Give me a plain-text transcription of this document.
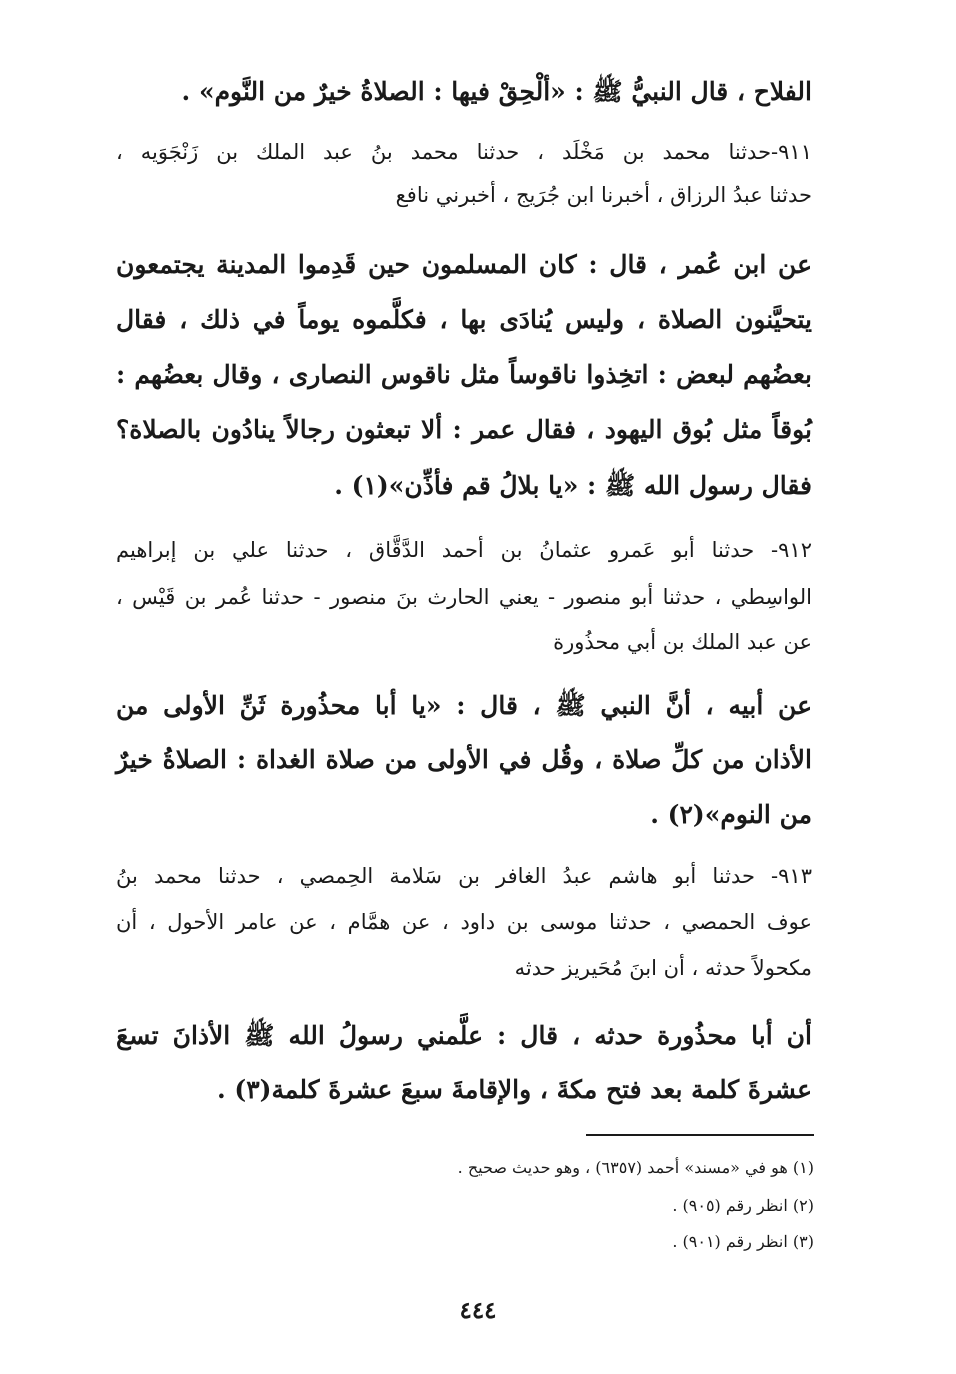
الفلاح ، قال النبيُّ ﷺ : «ألْحِقْ فيها : الصلاةُ خيرٌ من النَّوم» .
٩١١-حدثنا محمد بن مَخْلَد ، حدثنا محمد بنُ عبد الملك بن زَنْجَوَيه ،
حدثنا عبدُ الرزاق ، أخبرنا ابن جُرَيج ، أخبرني نافع
عن ابن عُمر ، قال : كان المسلمون حين قَدِموا المدينة يجتمعون
يتحيَّنون الصلاة ، وليس يُنادَى بها ، فكلَّموه يوماً في ذلك ، فقال
بعضُهم لبعض : اتخِذوا ناقوساً مثل ناقوس النصارى ، وقال بعضُهم :
بُوقاً مثل بُوق اليهود ، فقال عمر : ألا تبعثون رجالاً ينادُون بالصلاة؟
فقال رسول الله ﷺ : «يا بلالُ قم فأذِّن»(١) .
٩١٢- حدثنا أبو عَمرو عثمانُ بن أحمد الدَّقَّاق ، حدثنا علي بن إبراهيم
الواسِطي ، حدثنا أبو منصور - يعني الحارث بنَ منصور - حدثنا عُمر بن قَيْس ،
عن عبد الملك بن أبي محذُورة
عن أبيه ، أنَّ النبي ﷺ ، قال : «يا أبا محذُورة ثَنِّ الأولى من
الأذان من كلِّ صلاة ، وقُل في الأولى من صلاة الغداة : الصلاةُ خيرٌ
من النوم»(٢) .
٩١٣- حدثنا أبو هاشم عبدُ الغافر بن سَلامة الحِمصي ، حدثنا محمد بنُ
عوف الحمصي ، حدثنا موسى بن داود ، عن همَّام ، عن عامر الأحول ، أن
مكحولاً حدثه ، أن ابنَ مُحَيريز حدثه
أن أبا محذُورة حدثه ، قال : علَّمني رسولُ الله ﷺ الأذانَ تسعَ
عشرةَ كلمة بعد فتح مكةَ ، والإقامةَ سبعَ عشرةَ كلمة(٣) .
(١) هو في «مسند» أحمد (٦٣٥٧) ، وهو حديث صحيح .
(٢) انظر رقم (٩٠٥) .
(٣) انظر رقم (٩٠١) .
٤٤٤
